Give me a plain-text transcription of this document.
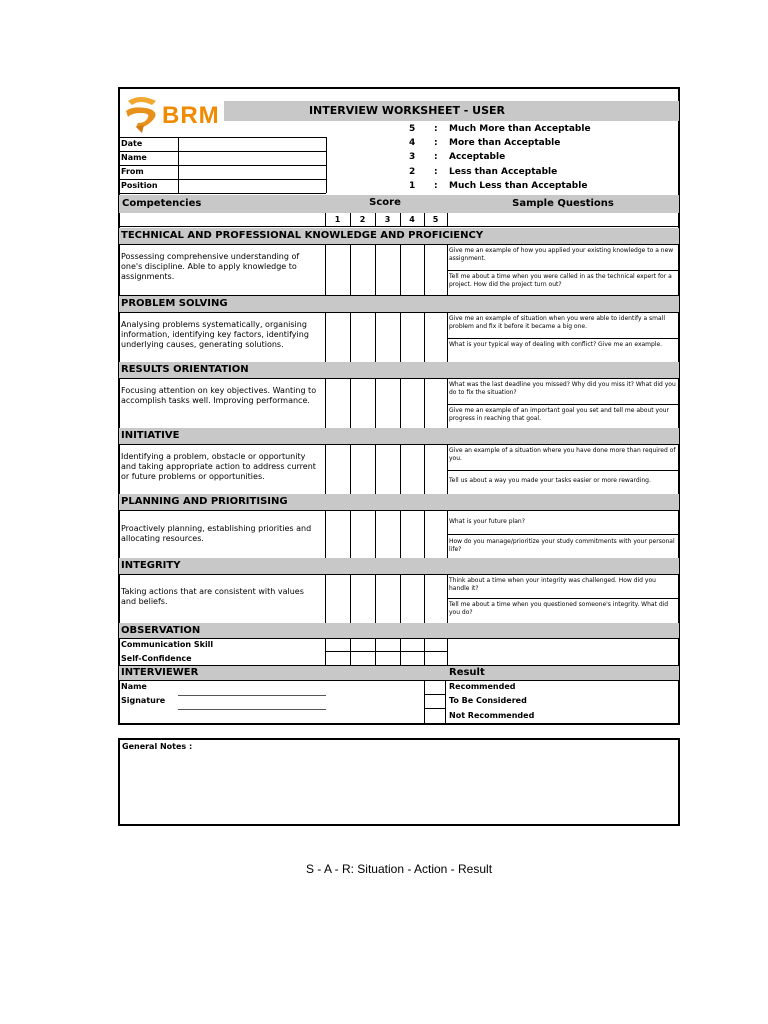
BRM	INTERVIEW WORKSHEET - USER
Date
Name
From
Position
5 : Much More than Acceptable
4 : More than Acceptable
3 : Acceptable
2 : Less than Acceptable
1 : Much Less than Acceptable
Competencies	Score	Sample Questions
1	2	3	4	5
TECHNICAL AND PROFESSIONAL KNOWLEDGE AND PROFICIENCY
Possessing comprehensive understanding of one's discipline. Able to apply knowledge to assignments.
Give me an example of how you applied your existing knowledge to a new assignment.
Tell me about a time when you were called in as the technical expert for a project. How did the project turn out?
PROBLEM SOLVING
Analysing problems systematically, organising information, identifying key factors, identifying underlying causes, generating solutions.
Give me an example of situation when you were able to identify a small problem and fix it before it became a big one.
What is your typical way of dealing with conflict? Give me an example.
RESULTS ORIENTATION
Focusing attention on key objectives. Wanting to accomplish tasks well. Improving performance.
What was the last deadline you missed? Why did you miss it? What did you do to fix the situation?
Give me an example of an important goal you set and tell me about your progress in reaching that goal.
INITIATIVE
Identifying a problem, obstacle or opportunity and taking appropriate action to address current or future problems or opportunities.
Give an example of a situation where you have done more than required of you.
Tell us about a way you made your tasks easier or more rewarding.
PLANNING AND PRIORITISING
Proactively planning, establishing priorities and allocating resources.
What is your future plan?
How do you manage/prioritize your study commitments with your personal life?
INTEGRITY
Taking actions that are consistent with values and beliefs.
Think about a time when your integrity was challenged. How did you handle it?
Tell me about a time when you questioned someone's integrity. What did you do?
OBSERVATION
Communication Skill
Self-Confidence
INTERVIEWER	Result
Name
Signature
Recommended
To Be Considered
Not Recommended
General Notes :
S - A - R: Situation - Action - Result
